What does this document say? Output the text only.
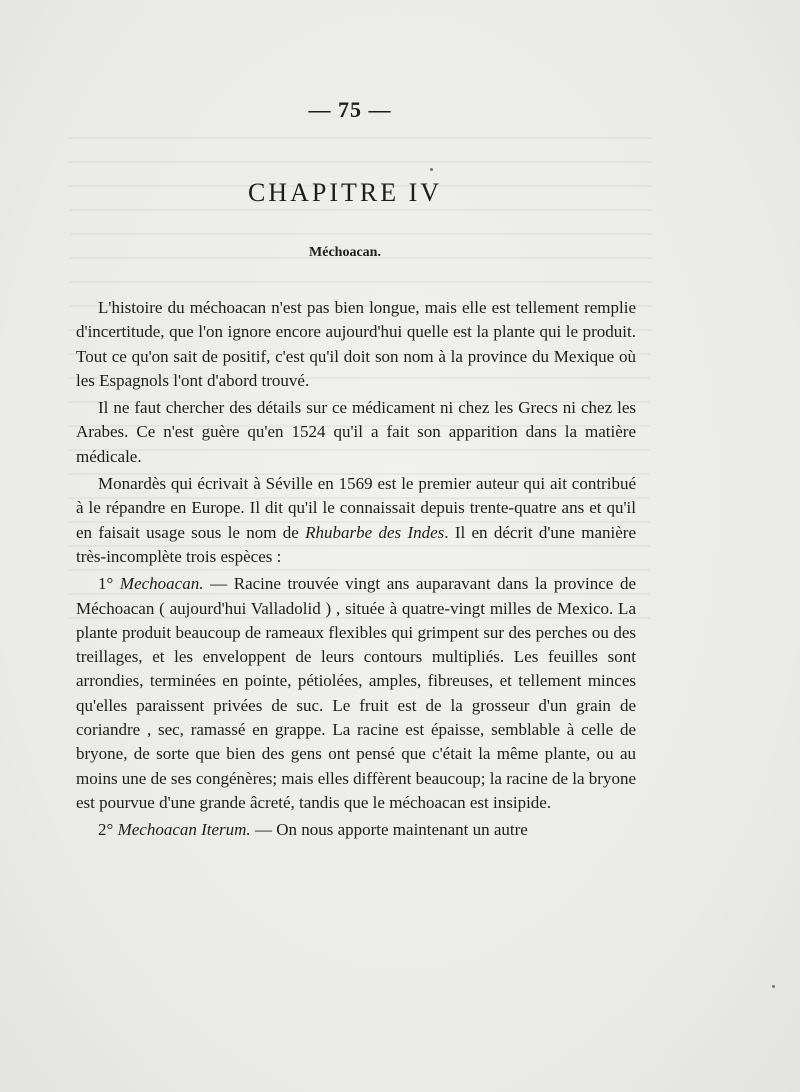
— 75 —
CHAPITRE IV
Méchoacan.

L'histoire du méchoacan n'est pas bien longue, mais elle est tellement remplie d'incertitude, que l'on ignore encore aujourd'hui quelle est la plante qui le produit. Tout ce qu'on sait de positif, c'est qu'il doit son nom à la province du Mexique où les Espagnols l'ont d'abord trouvé.

Il ne faut chercher des détails sur ce médicament ni chez les Grecs ni chez les Arabes. Ce n'est guère qu'en 1524 qu'il a fait son apparition dans la matière médicale.

Monardès qui écrivait à Séville en 1569 est le premier auteur qui ait contribué à le répandre en Europe. Il dit qu'il le connaissait depuis trente-quatre ans et qu'il en faisait usage sous le nom de Rhubarbe des Indes. Il en décrit d'une manière très-incomplète trois espèces :

1° Mechoacan. — Racine trouvée vingt ans auparavant dans la province de Méchoacan ( aujourd'hui Valladolid ) , située à quatre-vingt milles de Mexico. La plante produit beaucoup de rameaux flexibles qui grimpent sur des perches ou des treillages, et les enveloppent de leurs contours multipliés. Les feuilles sont arrondies, terminées en pointe, pétiolées, amples, fibreuses, et tellement minces qu'elles paraissent privées de suc. Le fruit est de la grosseur d'un grain de coriandre , sec, ramassé en grappe. La racine est épaisse, semblable à celle de bryone, de sorte que bien des gens ont pensé que c'était la même plante, ou au moins une de ses congénères; mais elles diffèrent beaucoup; la racine de la bryone est pourvue d'une grande âcreté, tandis que le méchoacan est insipide.

2° Mechoacan Iterum. — On nous apporte maintenant un autre
